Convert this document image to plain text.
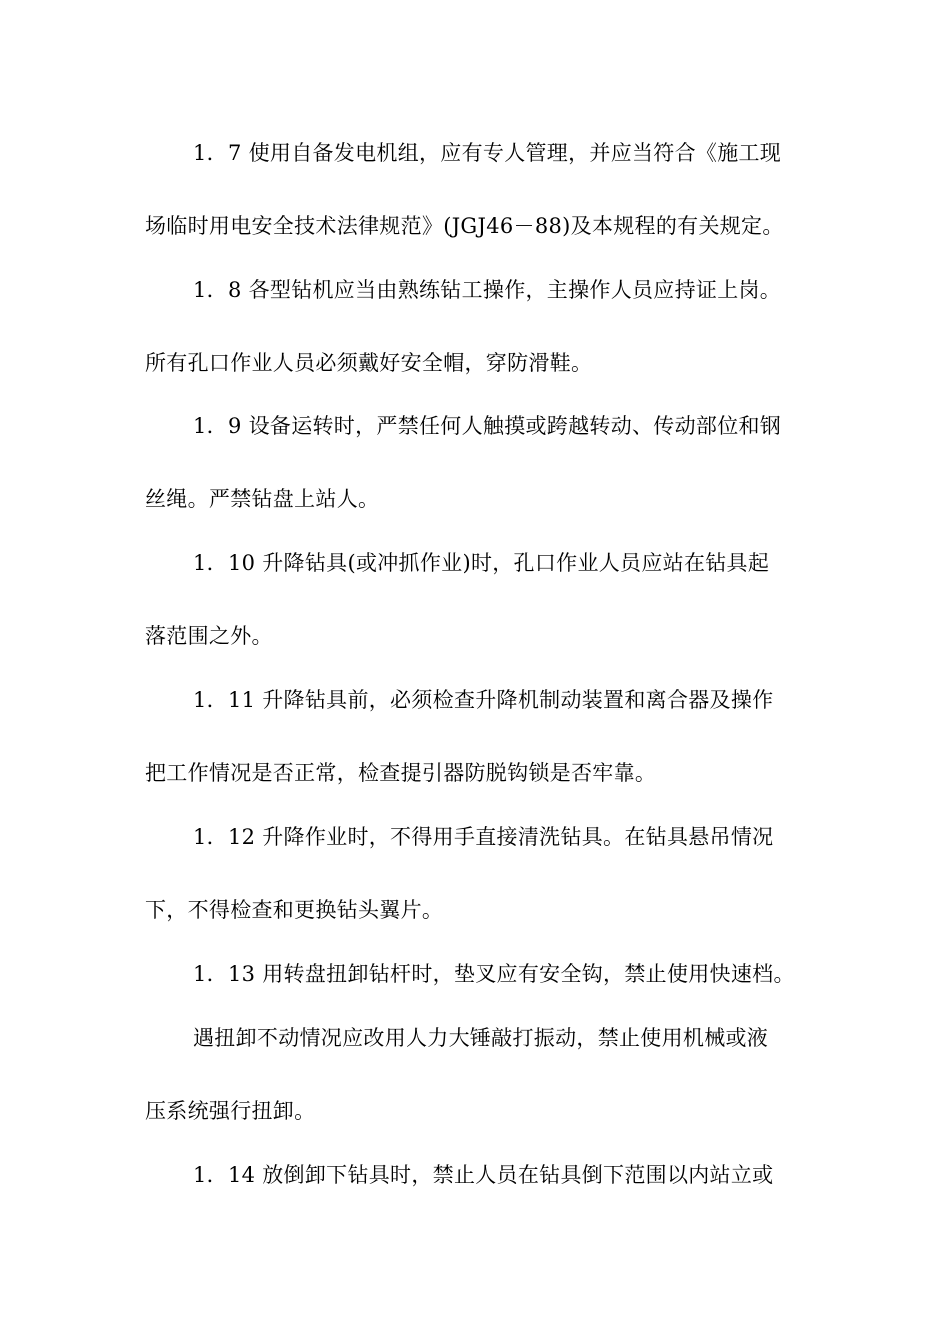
1．7 使用自备发电机组，应有专人管理，并应当符合《施工现
场临时用电安全技术法律规范》(JGJ46－88)及本规程的有关规定。
1．8 各型钻机应当由熟练钻工操作，主操作人员应持证上岗。
所有孔口作业人员必须戴好安全帽，穿防滑鞋。
1．9 设备运转时，严禁任何人触摸或跨越转动、传动部位和钢
丝绳。严禁钻盘上站人。
1．10 升降钻具(或冲抓作业)时，孔口作业人员应站在钻具起
落范围之外。
1．11 升降钻具前，必须检查升降机制动装置和离合器及操作
把工作情况是否正常，检查提引器防脱钩锁是否牢靠。
1．12 升降作业时，不得用手直接清洗钻具。在钻具悬吊情况
下，不得检查和更换钻头翼片。
1．13 用转盘扭卸钻杆时，垫叉应有安全钩，禁止使用快速档。
遇扭卸不动情况应改用人力大锤敲打振动，禁止使用机械或液
压系统强行扭卸。
1．14 放倒卸下钻具时，禁止人员在钻具倒下范围以内站立或
